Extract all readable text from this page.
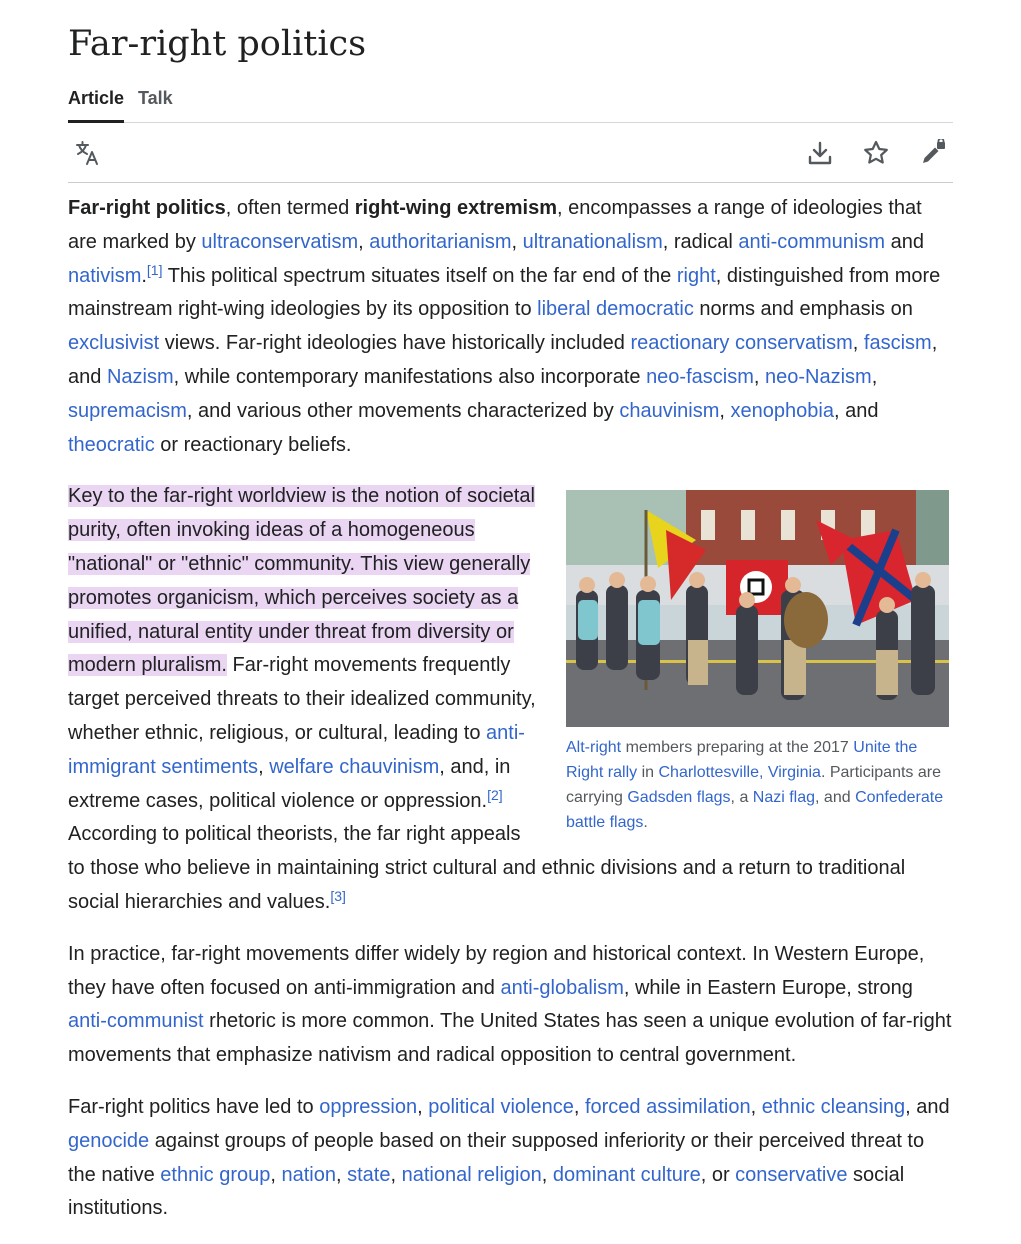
Far-right politics
Article Talk

Far-right politics, often termed right-wing extremism, encompasses a range of ideologies that are marked by ultraconservatism, authoritarianism, ultranationalism, radical anti-communism and nativism.[1] This political spectrum situates itself on the far end of the right, distinguished from more mainstream right-wing ideologies by its opposition to liberal democratic norms and emphasis on exclusivist views. Far-right ideologies have historically included reactionary conservatism, fascism, and Nazism, while contemporary manifestations also incorporate neo-fascism, neo-Nazism, supremacism, and various other movements characterized by chauvinism, xenophobia, and theocratic or reactionary beliefs.

Alt-right members preparing at the 2017 Unite the Right rally in Charlottesville, Virginia. Participants are carrying Gadsden flags, a Nazi flag, and Confederate battle flags.
Key to the far-right worldview is the notion of societal purity, often invoking ideas of a homogeneous "national" or "ethnic" community. This view generally promotes organicism, which perceives society as a unified, natural entity under threat from diversity or modern pluralism. Far-right movements frequently target perceived threats to their idealized community, whether ethnic, religious, or cultural, leading to anti-immigrant sentiments, welfare chauvinism, and, in extreme cases, political violence or oppression.[2] According to political theorists, the far right appeals to those who believe in maintaining strict cultural and ethnic divisions and a return to traditional social hierarchies and values.[3]

In practice, far-right movements differ widely by region and historical context. In Western Europe, they have often focused on anti-immigration and anti-globalism, while in Eastern Europe, strong anti-communist rhetoric is more common. The United States has seen a unique evolution of far-right movements that emphasize nativism and radical opposition to central government.

Far-right politics have led to oppression, political violence, forced assimilation, ethnic cleansing, and genocide against groups of people based on their supposed inferiority or their perceived threat to the native ethnic group, nation, state, national religion, dominant culture, or conservative social institutions.
